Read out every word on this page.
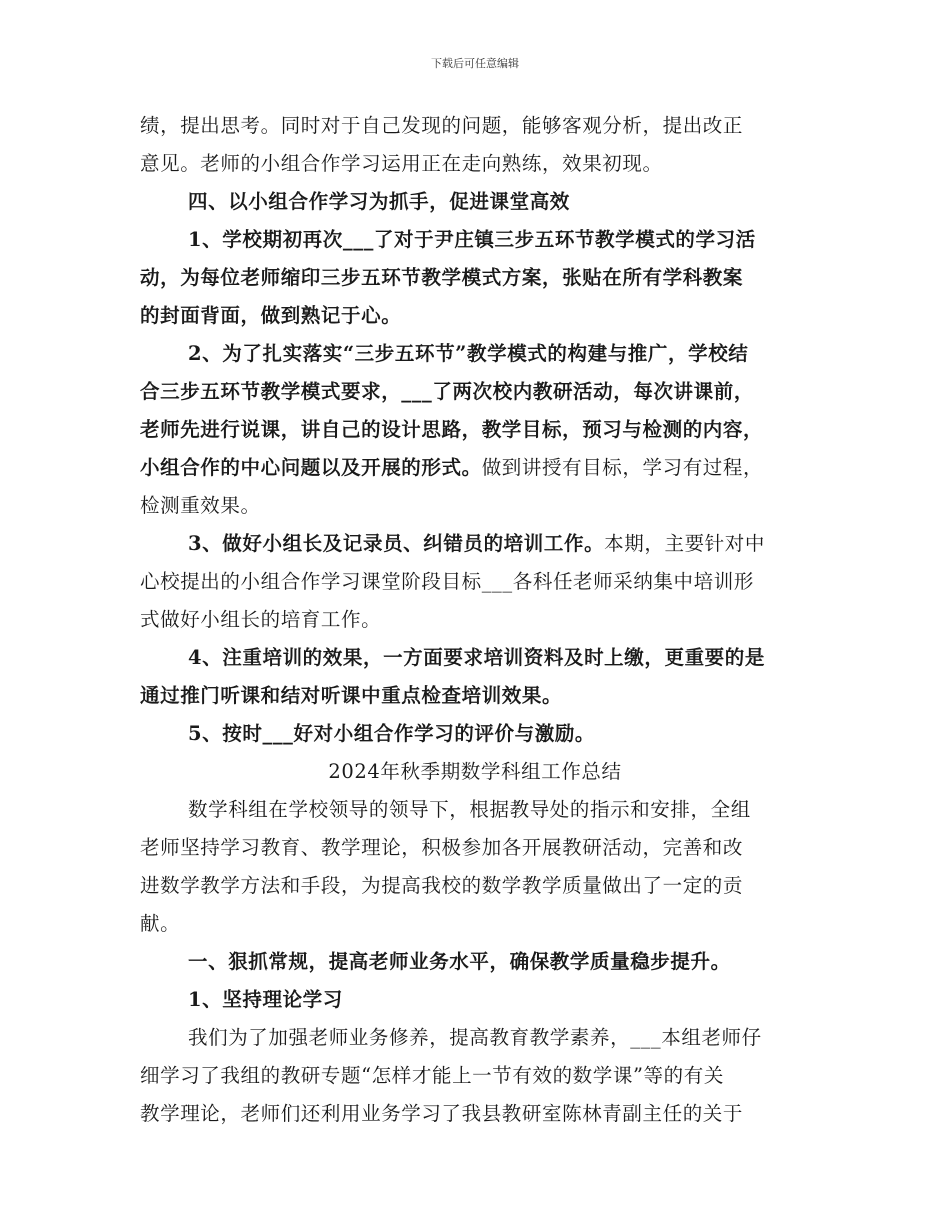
下载后可任意编辑
绩，提出思考。同时对于自己发现的问题，能够客观分析，提出改正
意见。老师的小组合作学习运用正在走向熟练，效果初现。
四、以小组合作学习为抓手，促进课堂高效
1、学校期初再次___了对于尹庄镇三步五环节教学模式的学习活
动，为每位老师缩印三步五环节教学模式方案，张贴在所有学科教案
的封面背面，做到熟记于心。
2、为了扎实落实“三步五环节”教学模式的构建与推广，学校结
合三步五环节教学模式要求，___了两次校内教研活动，每次讲课前，
老师先进行说课，讲自己的设计思路，教学目标，预习与检测的内容，
小组合作的中心问题以及开展的形式。做到讲授有目标，学习有过程，
检测重效果。
3、做好小组长及记录员、纠错员的培训工作。本期，主要针对中
心校提出的小组合作学习课堂阶段目标___各科任老师采纳集中培训形
式做好小组长的培育工作。
4、注重培训的效果，一方面要求培训资料及时上缴，更重要的是
通过推门听课和结对听课中重点检查培训效果。
5、按时___好对小组合作学习的评价与激励。
2024年秋季期数学科组工作总结
数学科组在学校领导的领导下，根据教导处的指示和安排，全组
老师坚持学习教育、教学理论，积极参加各开展教研活动，完善和改
进数学教学方法和手段，为提高我校的数学教学质量做出了一定的贡
献。
一、狠抓常规，提高老师业务水平，确保教学质量稳步提升。
1、坚持理论学习
我们为了加强老师业务修养，提高教育教学素养，___本组老师仔
细学习了我组的教研专题“怎样才能上一节有效的数学课”等的有关
教学理论，老师们还利用业务学习了我县教研室陈林青副主任的关于
